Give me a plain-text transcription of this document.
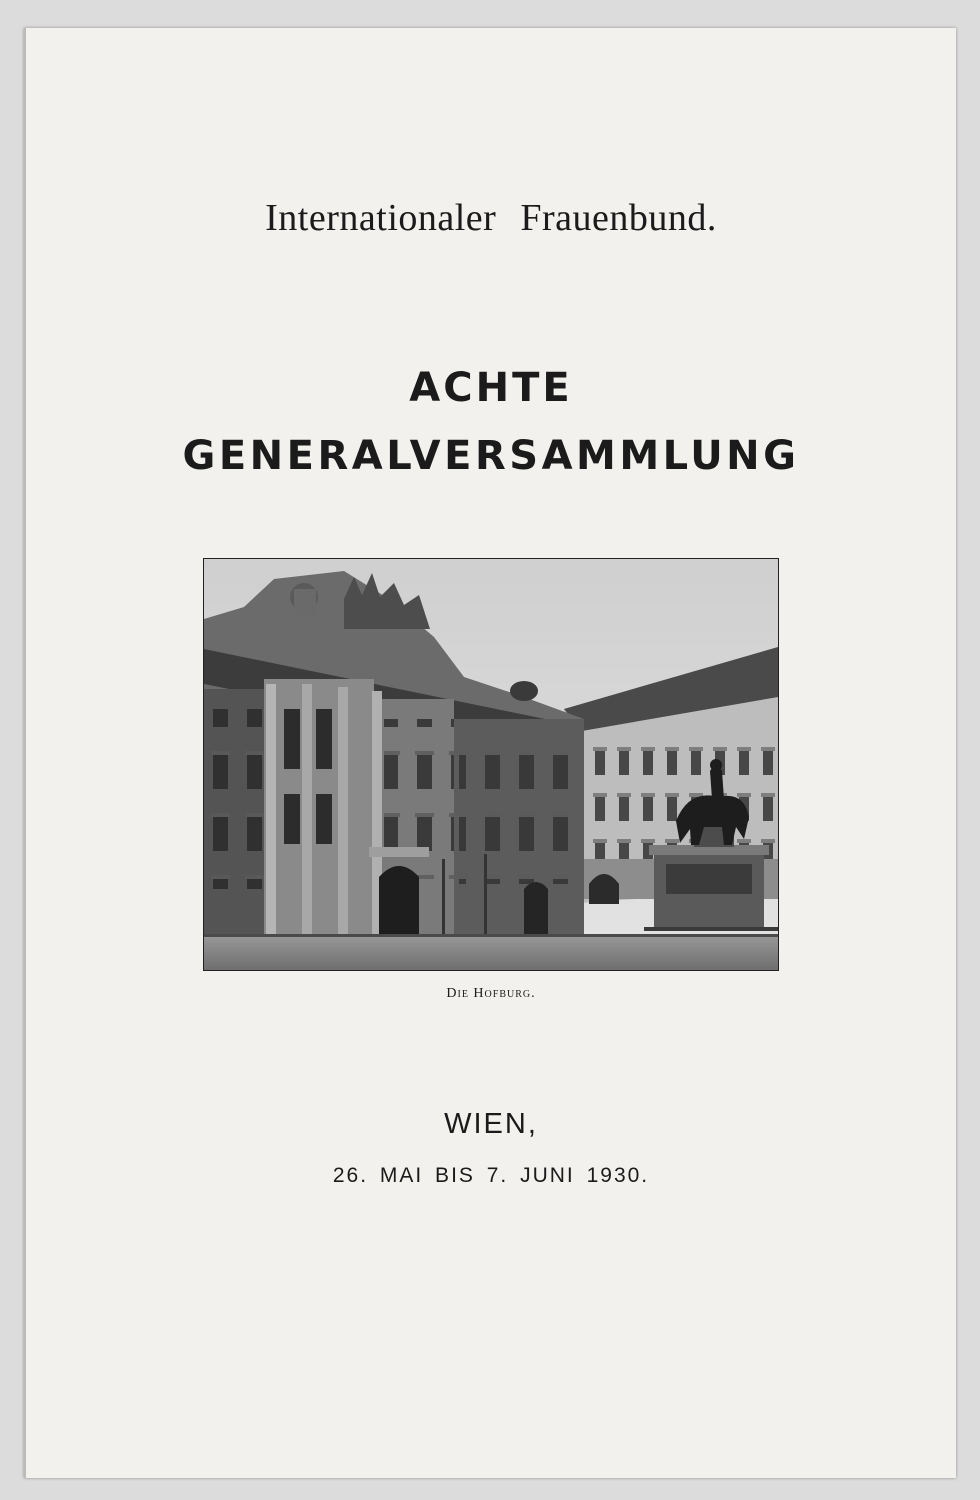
Internationaler Frauenbund.
ACHTE
GENERALVERSAMMLUNG
Die Hofburg.
WIEN,
26. MAI BIS 7. JUNI 1930.
